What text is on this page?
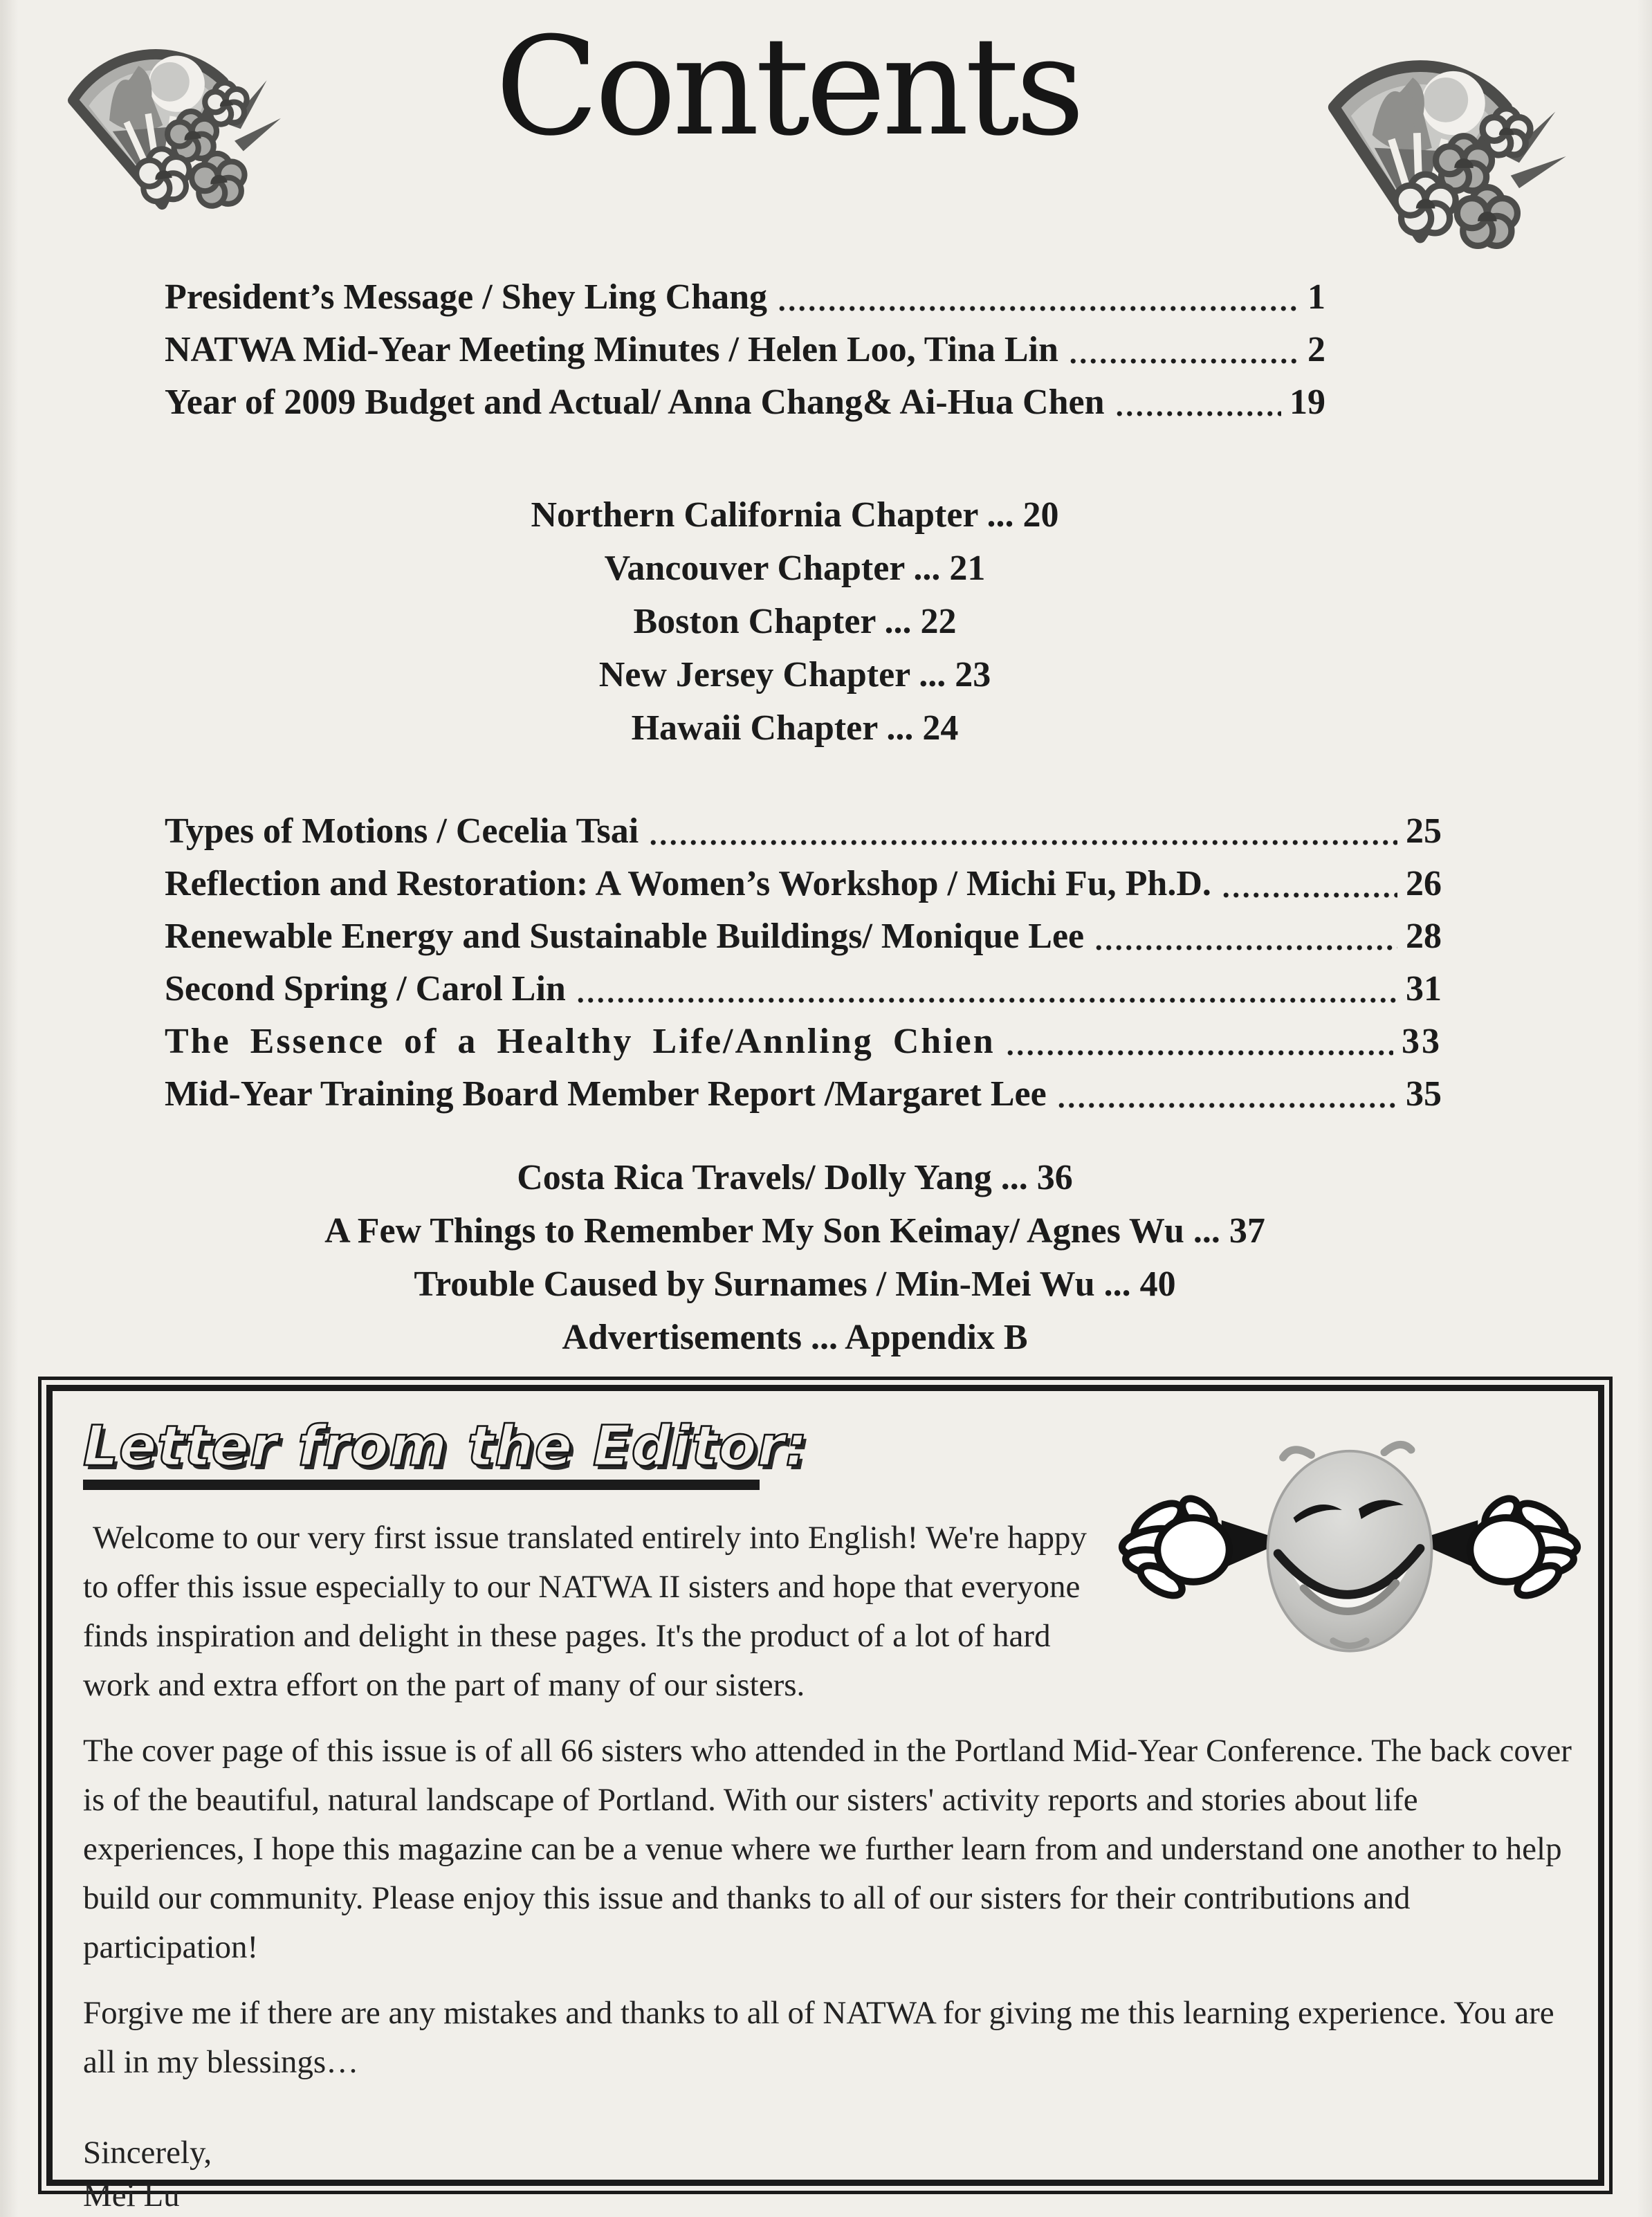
Contents
President’s Message / Shey Ling Chang	1
NATWA Mid-Year Meeting Minutes / Helen Loo, Tina Lin	2
Year of 2009 Budget and Actual/ Anna Chang& Ai-Hua Chen	19
Northern California Chapter ... 20
Vancouver Chapter ... 21
Boston Chapter ... 22
New Jersey Chapter ... 23
Hawaii Chapter ... 24
Types of Motions / Cecelia Tsai	25
Reflection and Restoration: A Women’s Workshop / Michi Fu, Ph.D.	26
Renewable Energy and Sustainable Buildings/ Monique Lee	28
Second Spring / Carol Lin	31
The Essence of a Healthy Life/Annling Chien	33
Mid-Year Training Board Member Report /Margaret Lee	35
Costa Rica Travels/ Dolly Yang ... 36
A Few Things to Remember My Son Keimay/ Agnes Wu ... 37
Trouble Caused by Surnames / Min-Mei Wu ... 40
Advertisements ... Appendix B
Letter from the Editor:

Welcome to our very first issue translated entirely into English! We're happy to offer this issue especially to our NATWA II sisters and hope that everyone finds inspiration and delight in these pages. It's the product of a lot of hard work and extra effort on the part of many of our sisters.

The cover page of this issue is of all 66 sisters who attended in the Portland Mid-Year Conference. The back cover is of the beautiful, natural landscape of Portland. With our sisters' activity reports and stories about life experiences, I hope this magazine can be a venue where we further learn from and understand one another to help build our community. Please enjoy this issue and thanks to all of our sisters for their contributions and participation!

Forgive me if there are any mistakes and thanks to all of NATWA for giving me this learning experience. You are all in my blessings…

Sincerely,
Mei Lu
